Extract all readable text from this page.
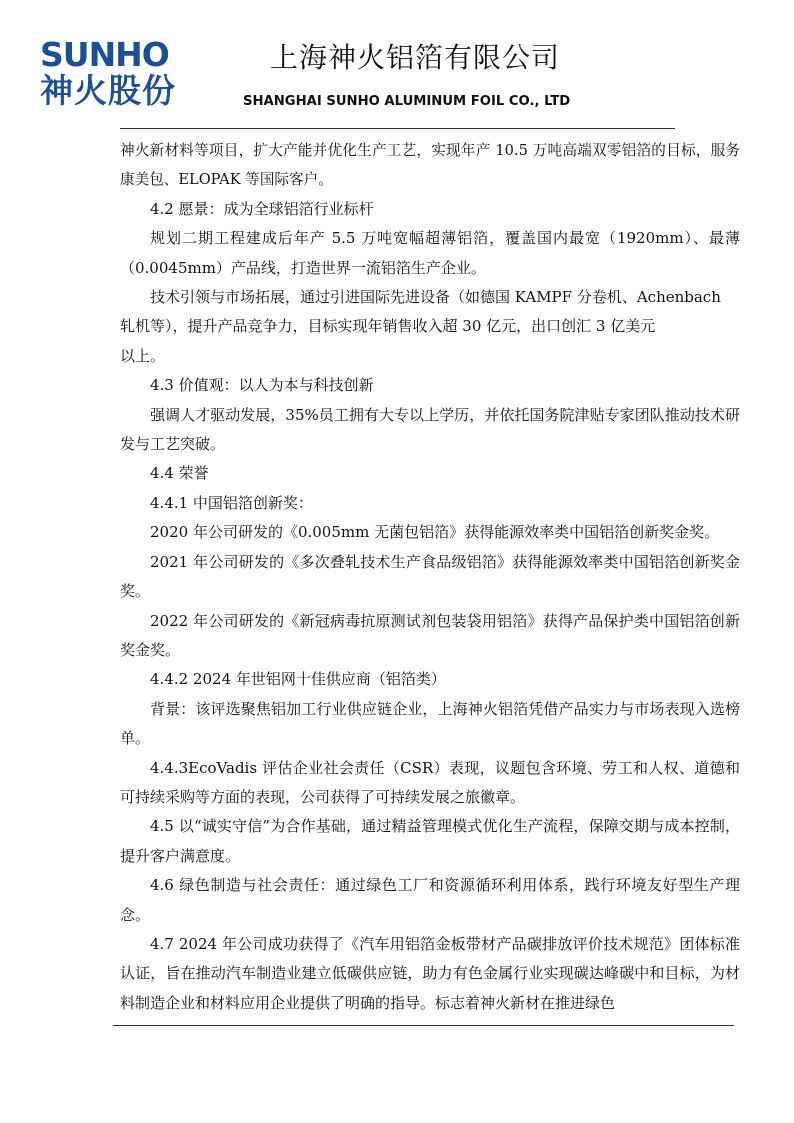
SUNHO
神火股份
上海神火铝箔有限公司
SHANGHAI SUNHO ALUMINUM FOIL CO., LTD

神火新材料等项目，扩大产能并优化生产工艺，实现年产 10.5 万吨高端双零铝箔的目标，服务康美包、ELOPAK 等国际客户。

4.2 愿景：成为全球铝箔行业标杆

规划二期工程建成后年产 5.5 万吨宽幅超薄铝箔，覆盖国内最宽（1920mm）、最薄（0.0045mm）产品线，打造世界一流铝箔生产企业。

技术引领与市场拓展，通过引进国际先进设备（如德国 KAMPF 分卷机、Achenbach

轧机等），提升产品竞争力，目标实现年销售收入超 30 亿元，出口创汇 3 亿美元

以上。

4.3 价值观：以人为本与科技创新

强调人才驱动发展，35%员工拥有大专以上学历，并依托国务院津贴专家团队推动技术研发与工艺突破。

4.4 荣誉

4.4.1 中国铝箔创新奖：

2020 年公司研发的《0.005mm 无菌包铝箔》获得能源效率类中国铝箔创新奖金奖。

2021 年公司研发的《多次叠轧技术生产食品级铝箔》获得能源效率类中国铝箔创新奖金奖。

2022 年公司研发的《新冠病毒抗原测试剂包装袋用铝箔》获得产品保护类中国铝箔创新奖金奖。

4.4.2 2024 年世铝网十佳供应商（铝箔类）

背景：该评选聚焦铝加工行业供应链企业，上海神火铝箔凭借产品实力与市场表现入选榜单。

4.4.3EcoVadis 评估企业社会责任（CSR）表现，议题包含环境、劳工和人权、道德和可持续采购等方面的表现，公司获得了可持续发展之旅徽章。

4.5 以“诚实守信”为合作基础，通过精益管理模式优化生产流程，保障交期与成本控制，提升客户满意度。

4.6 绿色制造与社会责任：通过绿色工厂和资源循环利用体系，践行环境友好型生产理念。

4.7 2024 年公司成功获得了《汽车用铝箔金板带材产品碳排放评价技术规范》团体标准认证，旨在推动汽车制造业建立低碳供应链，助力有色金属行业实现碳达峰碳中和目标，为材料制造企业和材料应用企业提供了明确的指导。标志着神火新材在推进绿色
